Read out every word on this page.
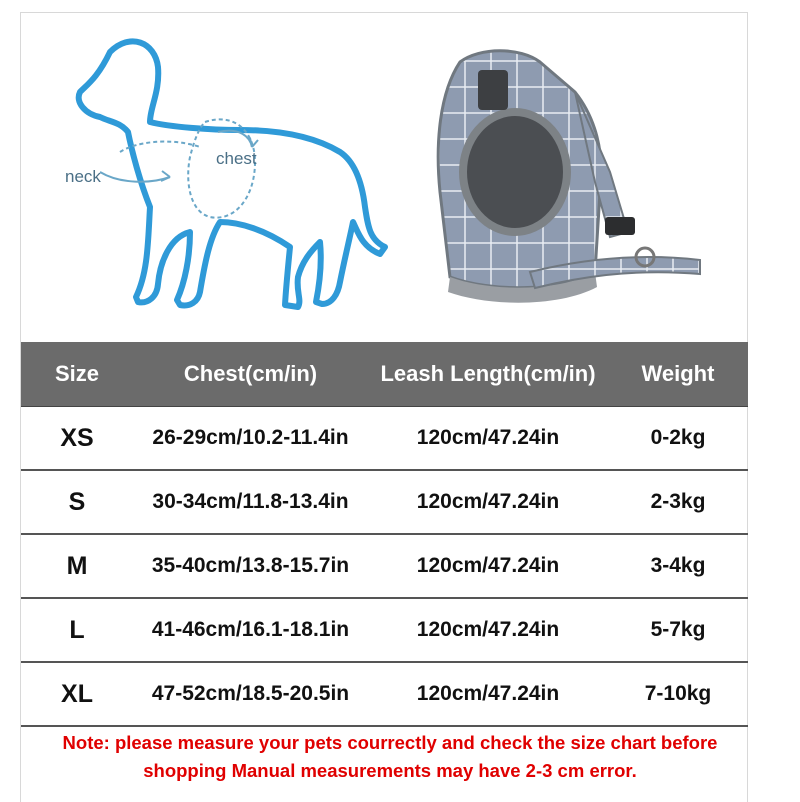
neck
chest
Size	Chest(cm/in)	Leash Length(cm/in)	Weight
XS	26-29cm/10.2-11.4in	120cm/47.24in	0-2kg
S	30-34cm/11.8-13.4in	120cm/47.24in	2-3kg
M	35-40cm/13.8-15.7in	120cm/47.24in	3-4kg
L	41-46cm/16.1-18.1in	120cm/47.24in	5-7kg
XL	47-52cm/18.5-20.5in	120cm/47.24in	7-10kg
Note: please measure your pets courrectly and check the size chart before
shopping Manual measurements may have 2-3 cm error.
